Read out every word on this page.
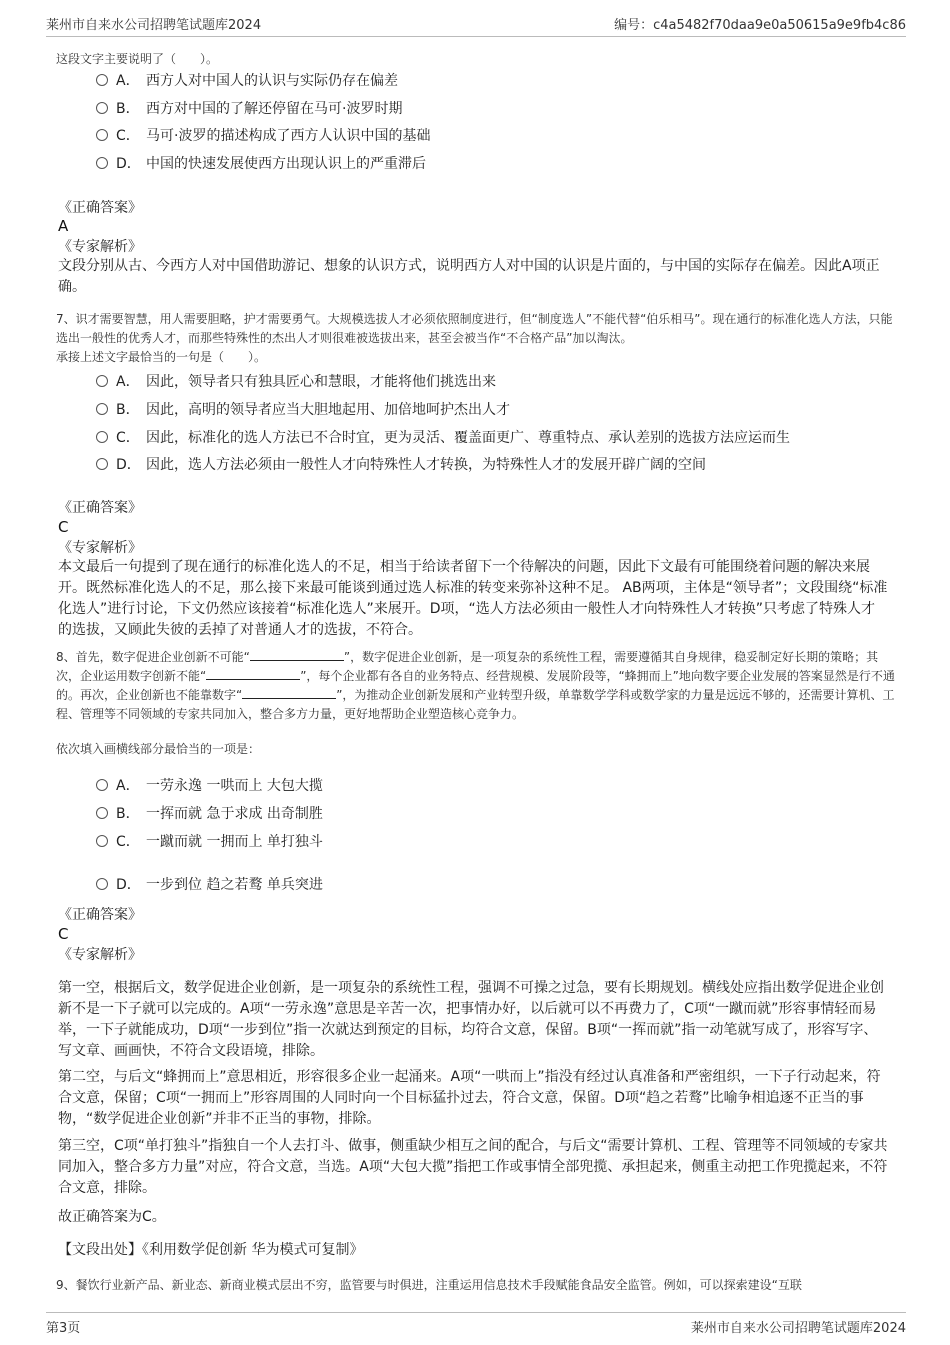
莱州市自来水公司招聘笔试题库2024	编号：c4a5482f70daa9e0a50615a9e9fb4c86
这段文字主要说明了（　　）。
A． 西方人对中国人的认识与实际仍存在偏差
B． 西方对中国的了解还停留在马可·波罗时期
C． 马可·波罗的描述构成了西方人认识中国的基础
D． 中国的快速发展使西方出现认识上的严重滞后
《正确答案》
A
《专家解析》
文段分别从古、今西方人对中国借助游记、想象的认识方式，说明西方人对中国的认识是片面的，与中国的实际存在偏差。因此A项正确。
7、识才需要智慧，用人需要胆略，护才需要勇气。大规模选拔人才必须依照制度进行，但“制度选人”不能代替“伯乐相马”。现在通行的标准化选人方法，只能选出一般性的优秀人才，而那些特殊性的杰出人才则很难被选拔出来，甚至会被当作“不合格产品”加以淘汰。
承接上述文字最恰当的一句是（　　）。
A． 因此，领导者只有独具匠心和慧眼，才能将他们挑选出来
B． 因此，高明的领导者应当大胆地起用、加倍地呵护杰出人才
C． 因此，标准化的选人方法已不合时宜，更为灵活、覆盖面更广、尊重特点、承认差别的选拔方法应运而生
D． 因此，选人方法必须由一般性人才向特殊性人才转换，为特殊性人才的发展开辟广阔的空间
《正确答案》
C
《专家解析》
本文最后一句提到了现在通行的标准化选人的不足，相当于给读者留下一个待解决的问题，因此下文最有可能围绕着问题的解决来展开。既然标准化选人的不足，那么接下来最可能谈到通过选人标准的转变来弥补这种不足。 AB两项，主体是“领导者”；文段围绕“标准化选人”进行讨论，下文仍然应该接着“标准化选人”来展开。D项，“选人方法必须由一般性人才向特殊性人才转换”只考虑了特殊人才的选拔，又顾此失彼的丢掉了对普通人才的选拔，不符合。
8、首先，数字促进企业创新不可能“	”，数字促进企业创新，是一项复杂的系统性工程，需要遵循其自身规律，稳妥制定好长期的策略；其次，企业运用数字创新不能“	”，每个企业都有各自的业务特点、经营规模、发展阶段等，“蜂拥而上”地向数字要企业发展的答案显然是行不通的。再次，企业创新也不能靠数字“	”，为推动企业创新发展和产业转型升级，单靠数学学科或数学家的力量是远远不够的，还需要计算机、工程、管理等不同领域的专家共同加入，整合多方力量，更好地帮助企业塑造核心竞争力。
依次填入画横线部分最恰当的一项是：
A． 一劳永逸 一哄而上 大包大揽
B． 一挥而就 急于求成 出奇制胜
C． 一蹴而就 一拥而上 单打独斗
D． 一步到位 趋之若鹜 单兵突进
《正确答案》
C
《专家解析》
第一空，根据后文，数学促进企业创新，是一项复杂的系统性工程，强调不可操之过急，要有长期规划。横线处应指出数学促进企业创新不是一下子就可以完成的。A项“一劳永逸”意思是辛苦一次，把事情办好，以后就可以不再费力了，C项“一蹴而就”形容事情轻而易举，一下子就能成功，D项“一步到位”指一次就达到预定的目标，均符合文意，保留。B项“一挥而就”指一动笔就写成了，形容写字、写文章、画画快，不符合文段语境，排除。
第二空，与后文“蜂拥而上”意思相近，形容很多企业一起涌来。A项“一哄而上”指没有经过认真准备和严密组织，一下子行动起来，符合文意，保留；C项“一拥而上”形容周围的人同时向一个目标猛扑过去，符合文意，保留。D项“趋之若鹜”比喻争相追逐不正当的事物，“数学促进企业创新”并非不正当的事物，排除。
第三空，C项“单打独斗”指独自一个人去打斗、做事，侧重缺少相互之间的配合，与后文“需要计算机、工程、管理等不同领域的专家共同加入，整合多方力量”对应，符合文意，当选。A项“大包大揽”指把工作或事情全部兜揽、承担起来，侧重主动把工作兜揽起来，不符合文意，排除。
故正确答案为C。
【文段出处】《利用数学促创新 华为模式可复制》
9、餐饮行业新产品、新业态、新商业模式层出不穷，监管要与时俱进，注重运用信息技术手段赋能食品安全监管。例如，可以探索建设“互联
第3页	莱州市自来水公司招聘笔试题库2024
